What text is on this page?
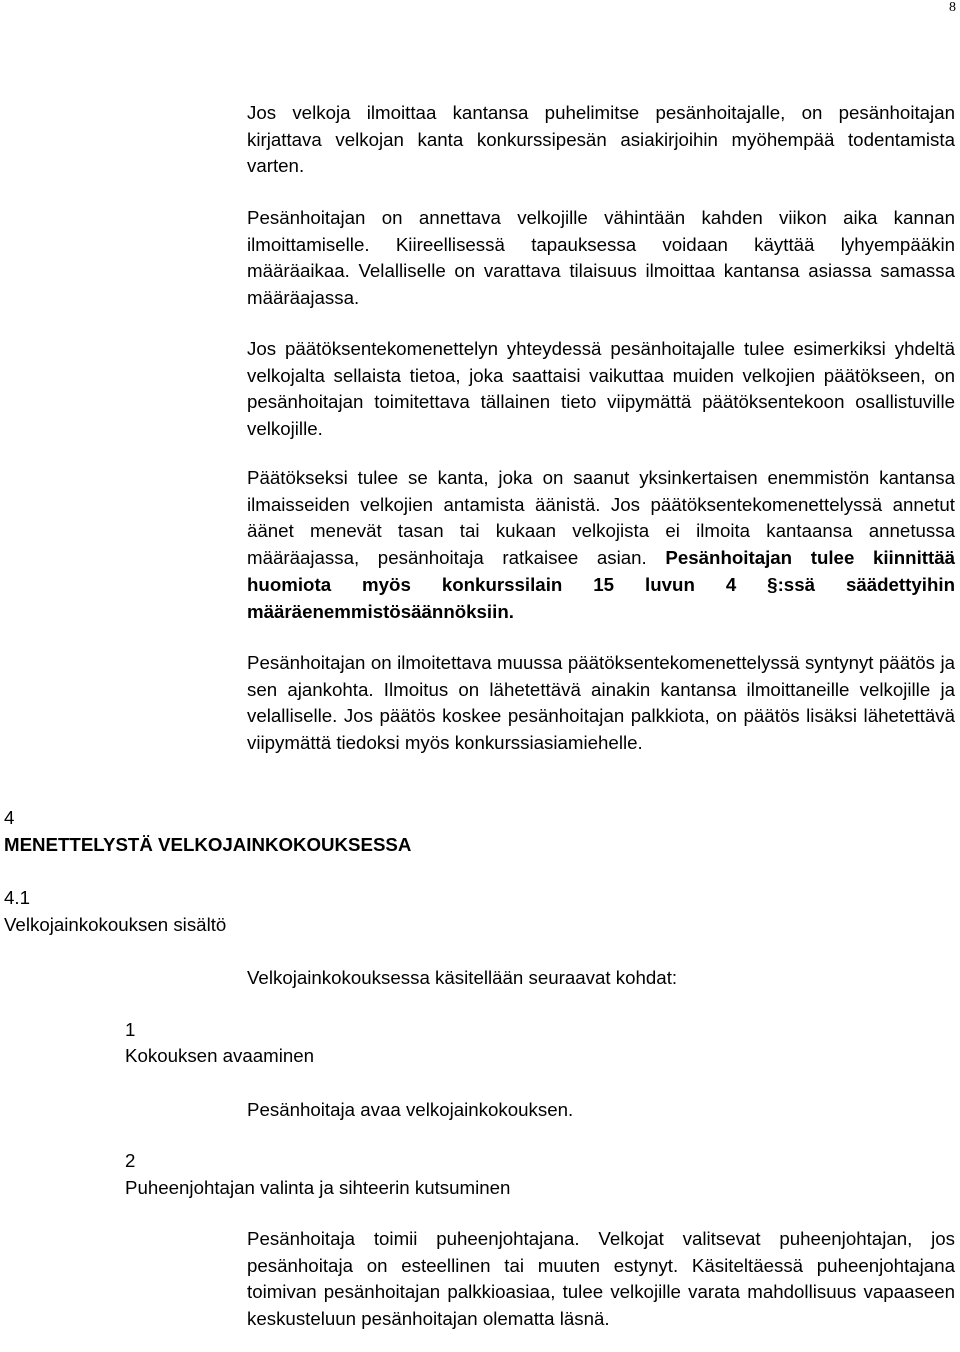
8

Jos velkoja ilmoittaa kantansa puhelimitse pesänhoitajalle, on pesänhoitajan kirjattava velkojan kanta konkurssipesän asiakirjoihin myöhempää todentamista varten.

Pesänhoitajan on annettava velkojille vähintään kahden viikon aika kannan ilmoittamiselle. Kiireellisessä tapauksessa voidaan käyttää lyhyempääkin määräaikaa. Velalliselle on varattava tilaisuus ilmoittaa kantansa asiassa samassa määräajassa.

Jos päätöksentekomenettelyn yhteydessä pesänhoitajalle tulee esimerkiksi yhdeltä velkojalta sellaista tietoa, joka saattaisi vaikuttaa muiden velkojien päätökseen, on pesänhoitajan toimitettava tällainen tieto viipymättä päätöksentekoon osallistuville velkojille.

Päätökseksi tulee se kanta, joka on saanut yksinkertaisen enemmistön kantansa ilmaisseiden velkojien antamista äänistä. Jos päätöksentekomenettelyssä annetut äänet menevät tasan tai kukaan velkojista ei ilmoita kantaansa annetussa määräajassa, pesänhoitaja ratkaisee asian. Pesänhoitajan tulee kiinnittää huomiota myös konkurssilain 15 luvun 4 §:ssä säädettyihin määräenemmistösäännöksiin.

Pesänhoitajan on ilmoitettava muussa päätöksentekomenettelyssä syntynyt päätös ja sen ajankohta. Ilmoitus on lähetettävä ainakin kantansa ilmoittaneille velkojille ja velalliselle. Jos päätös koskee pesänhoitajan palkkiota, on päätös lisäksi lähetettävä viipymättä tiedoksi myös konkurssiasiamiehelle.

4
MENETTELYSTÄ VELKOJAINKOKOUKSESSA
4.1
Velkojainkokouksen sisältö
Velkojainkokouksessa käsitellään seuraavat kohdat:
1
Kokouksen avaaminen
Pesänhoitaja avaa velkojainkokouksen.
2
Puheenjohtajan valinta ja sihteerin kutsuminen

Pesänhoitaja toimii puheenjohtajana. Velkojat valitsevat puheenjohtajan, jos pesänhoitaja on esteellinen tai muuten estynyt. Käsiteltäessä puheenjohtajana toimivan pesänhoitajan palkkioasiaa, tulee velkojille varata mahdollisuus vapaaseen keskusteluun pesänhoitajan olematta läsnä.
